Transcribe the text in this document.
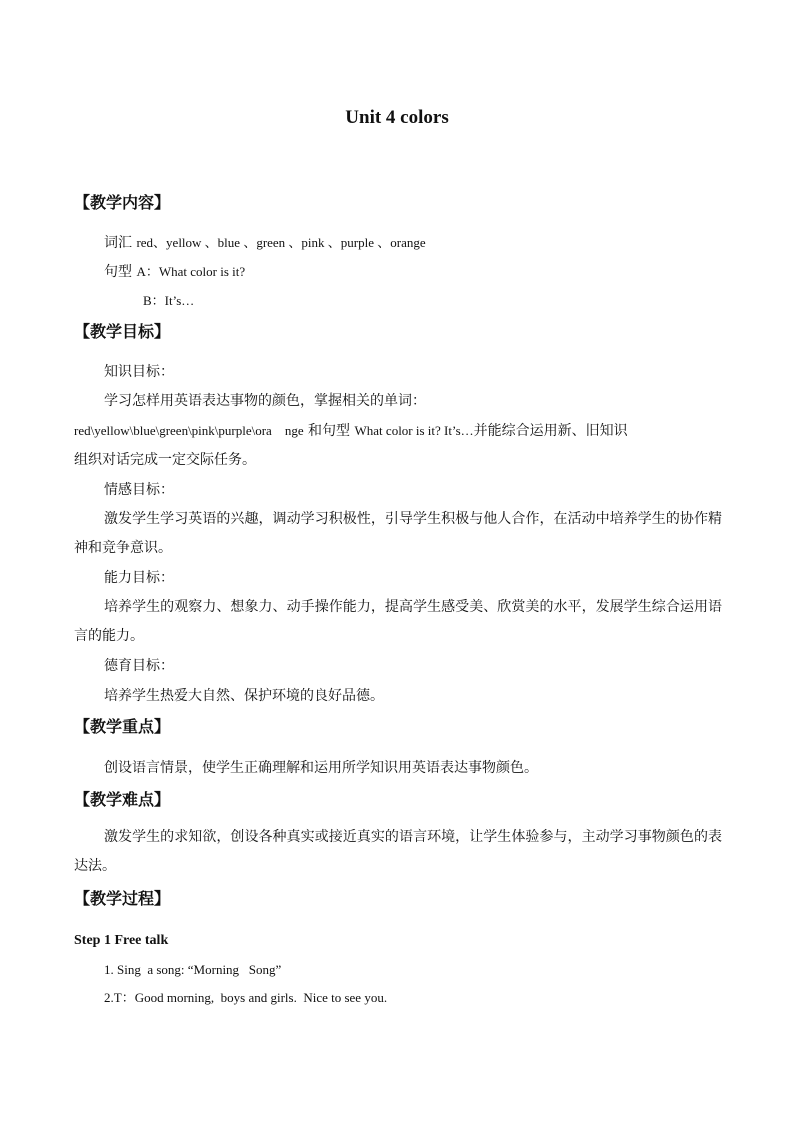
Unit 4 colors
【教学内容】
词汇 red、yellow 、blue 、green 、pink 、purple 、orange
句型 A：What color is it?
B：It’s…
【教学目标】
知识目标：
学习怎样用英语表达事物的颜色，掌握相关的单词：
red\yellow\blue\green\pink\purple\ora    nge 和句型 What color is it? It’s…并能综合运用新、旧知识
组织对话完成一定交际任务。
情感目标：
激发学生学习英语的兴趣，调动学习积极性，引导学生积极与他人合作，在活动中培养学生的协作精神和竞争意识。
能力目标：
培养学生的观察力、想象力、动手操作能力，提高学生感受美、欣赏美的水平，发展学生综合运用语言的能力。
德育目标：
培养学生热爱大自然、保护环境的良好品德。
【教学重点】
创设语言情景，使学生正确理解和运用所学知识用英语表达事物颜色。
【教学难点】
激发学生的求知欲，创设各种真实或接近真实的语言环境，让学生体验参与，主动学习事物颜色的表达法。
【教学过程】
Step 1 Free talk
1. Sing  a song: “Morning   Song”
2.T：Good morning,  boys and girls.  Nice to see you.
